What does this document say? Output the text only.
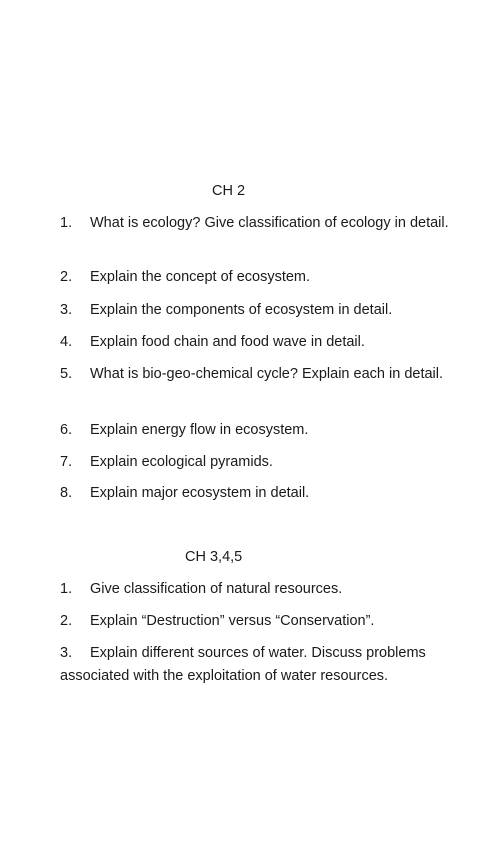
CH 2
1. What is ecology? Give classification of ecology in detail.
2. Explain the concept of ecosystem.
3. Explain the components of ecosystem in detail.
4. Explain food chain and food wave in detail.
5. What is bio-geo-chemical cycle? Explain each in detail.
6. Explain energy flow in ecosystem.
7. Explain ecological pyramids.
8. Explain major ecosystem in detail.
CH 3,4,5
1. Give classification of natural resources.
2. Explain “Destruction” versus “Conservation”.
3. Explain different sources of water. Discuss problems associated with the exploitation of water resources.
